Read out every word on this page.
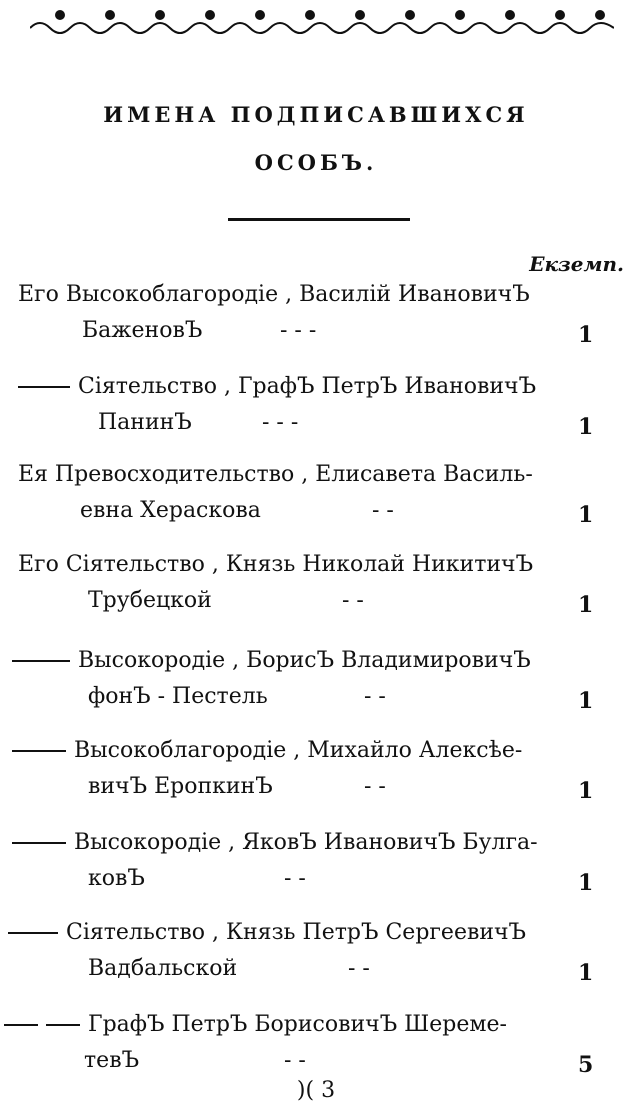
ИМЕНА ПОДПИСАВШИХСЯ
ОСОБЪ.
Екземп.
Его Высокоблагородіе , Василій ИвановичЪ
БаженовЪ	- - -	1
Сіятельство , ГрафЪ ПетрЪ ИвановичЪ
ПанинЪ	- - -	1
Ея Превосходительство , Елисавета Василь-
евна Хераскова	- -	1
Его Сіятельство , Князь Николай НикитичЪ
Трубецкой	- -	1
Высокородіе , БорисЪ ВладимировичЪ
фонЪ - Пестель	- -	1
Высокоблагородіе , Михайло Алексѣе-
вичЪ ЕропкинЪ	- -	1
Высокородіе , ЯковЪ ИвановичЪ Булга-
ковЪ	- -	1
Сіятельство , Князь ПетрЪ СергеевичЪ
Вадбальской	- -	1
ГрафЪ ПетрЪ БорисовичЪ Шереме-
тевЪ	- -	5
)( 3
